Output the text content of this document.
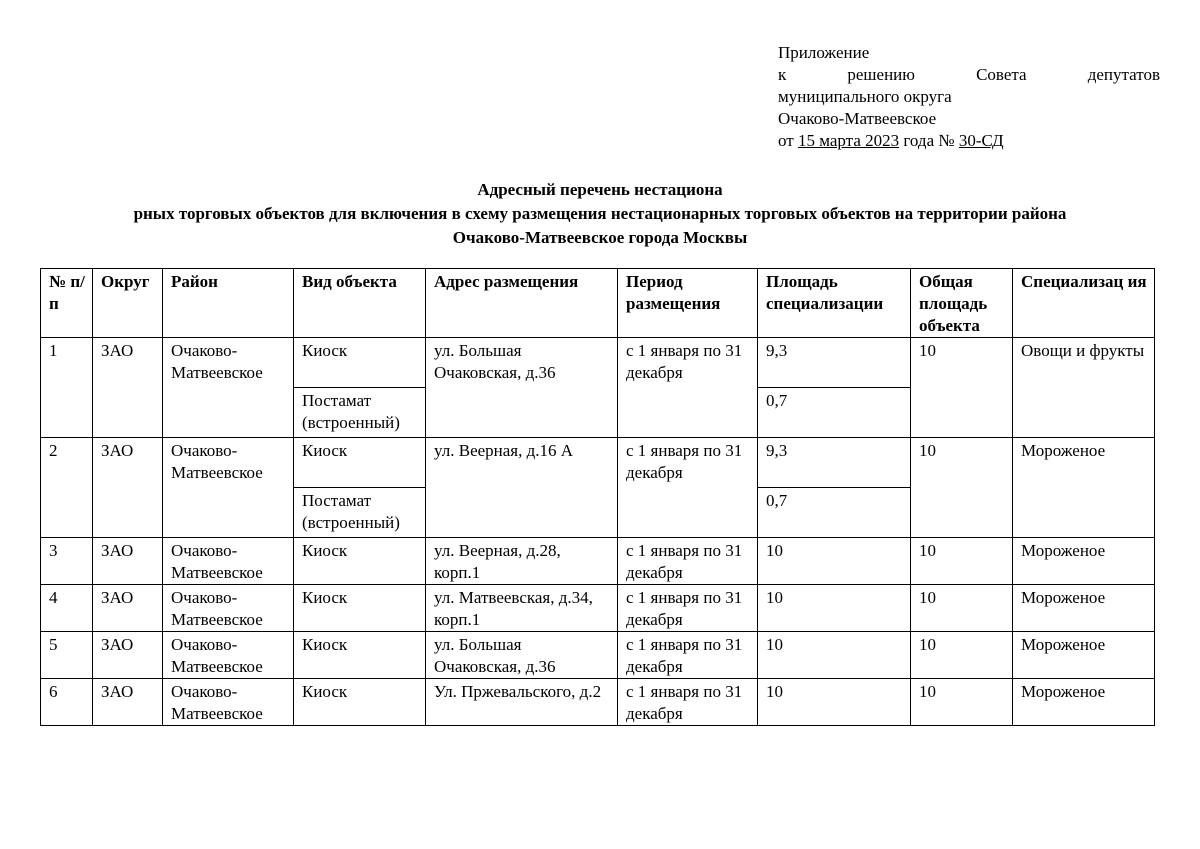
Приложение
к	решению	Совета	депутатов
муниципального округа
Очаково-Матвеевское
от 15 марта 2023 года № 30-СД
Адресный перечень нестациона
рных торговых объектов для включения в схему размещения нестационарных торговых объектов на территории района
Очаково-Матвеевское города Москвы
№ п/п	Округ	Район	Вид объекта	Адрес размещения	Период размещения	Площадь специализации	Общая площадь объекта	Специализац ия
1	ЗАО	Очаково-Матвеевское	Киоск	ул. Большая Очаковская, д.36	с 1 января по 31 декабря	9,3	10	Овощи и фрукты
			Постамат (встроенный)			0,7		
2	ЗАО	Очаково-Матвеевское	Киоск	ул. Веерная, д.16 А	с 1 января по 31 декабря	9,3	10	Мороженое
			Постамат (встроенный)			0,7		
3	ЗАО	Очаково-Матвеевское	Киоск	ул. Веерная, д.28, корп.1	с 1 января по 31 декабря	10	10	Мороженое
4	ЗАО	Очаково-Матвеевское	Киоск	ул. Матвеевская, д.34, корп.1	с 1 января по 31 декабря	10	10	Мороженое
5	ЗАО	Очаково-Матвеевское	Киоск	ул. Большая Очаковская, д.36	с 1 января по 31 декабря	10	10	Мороженое
6	ЗАО	Очаково-Матвеевское	Киоск	Ул. Пржевальского, д.2	с 1 января по 31 декабря	10	10	Мороженое
